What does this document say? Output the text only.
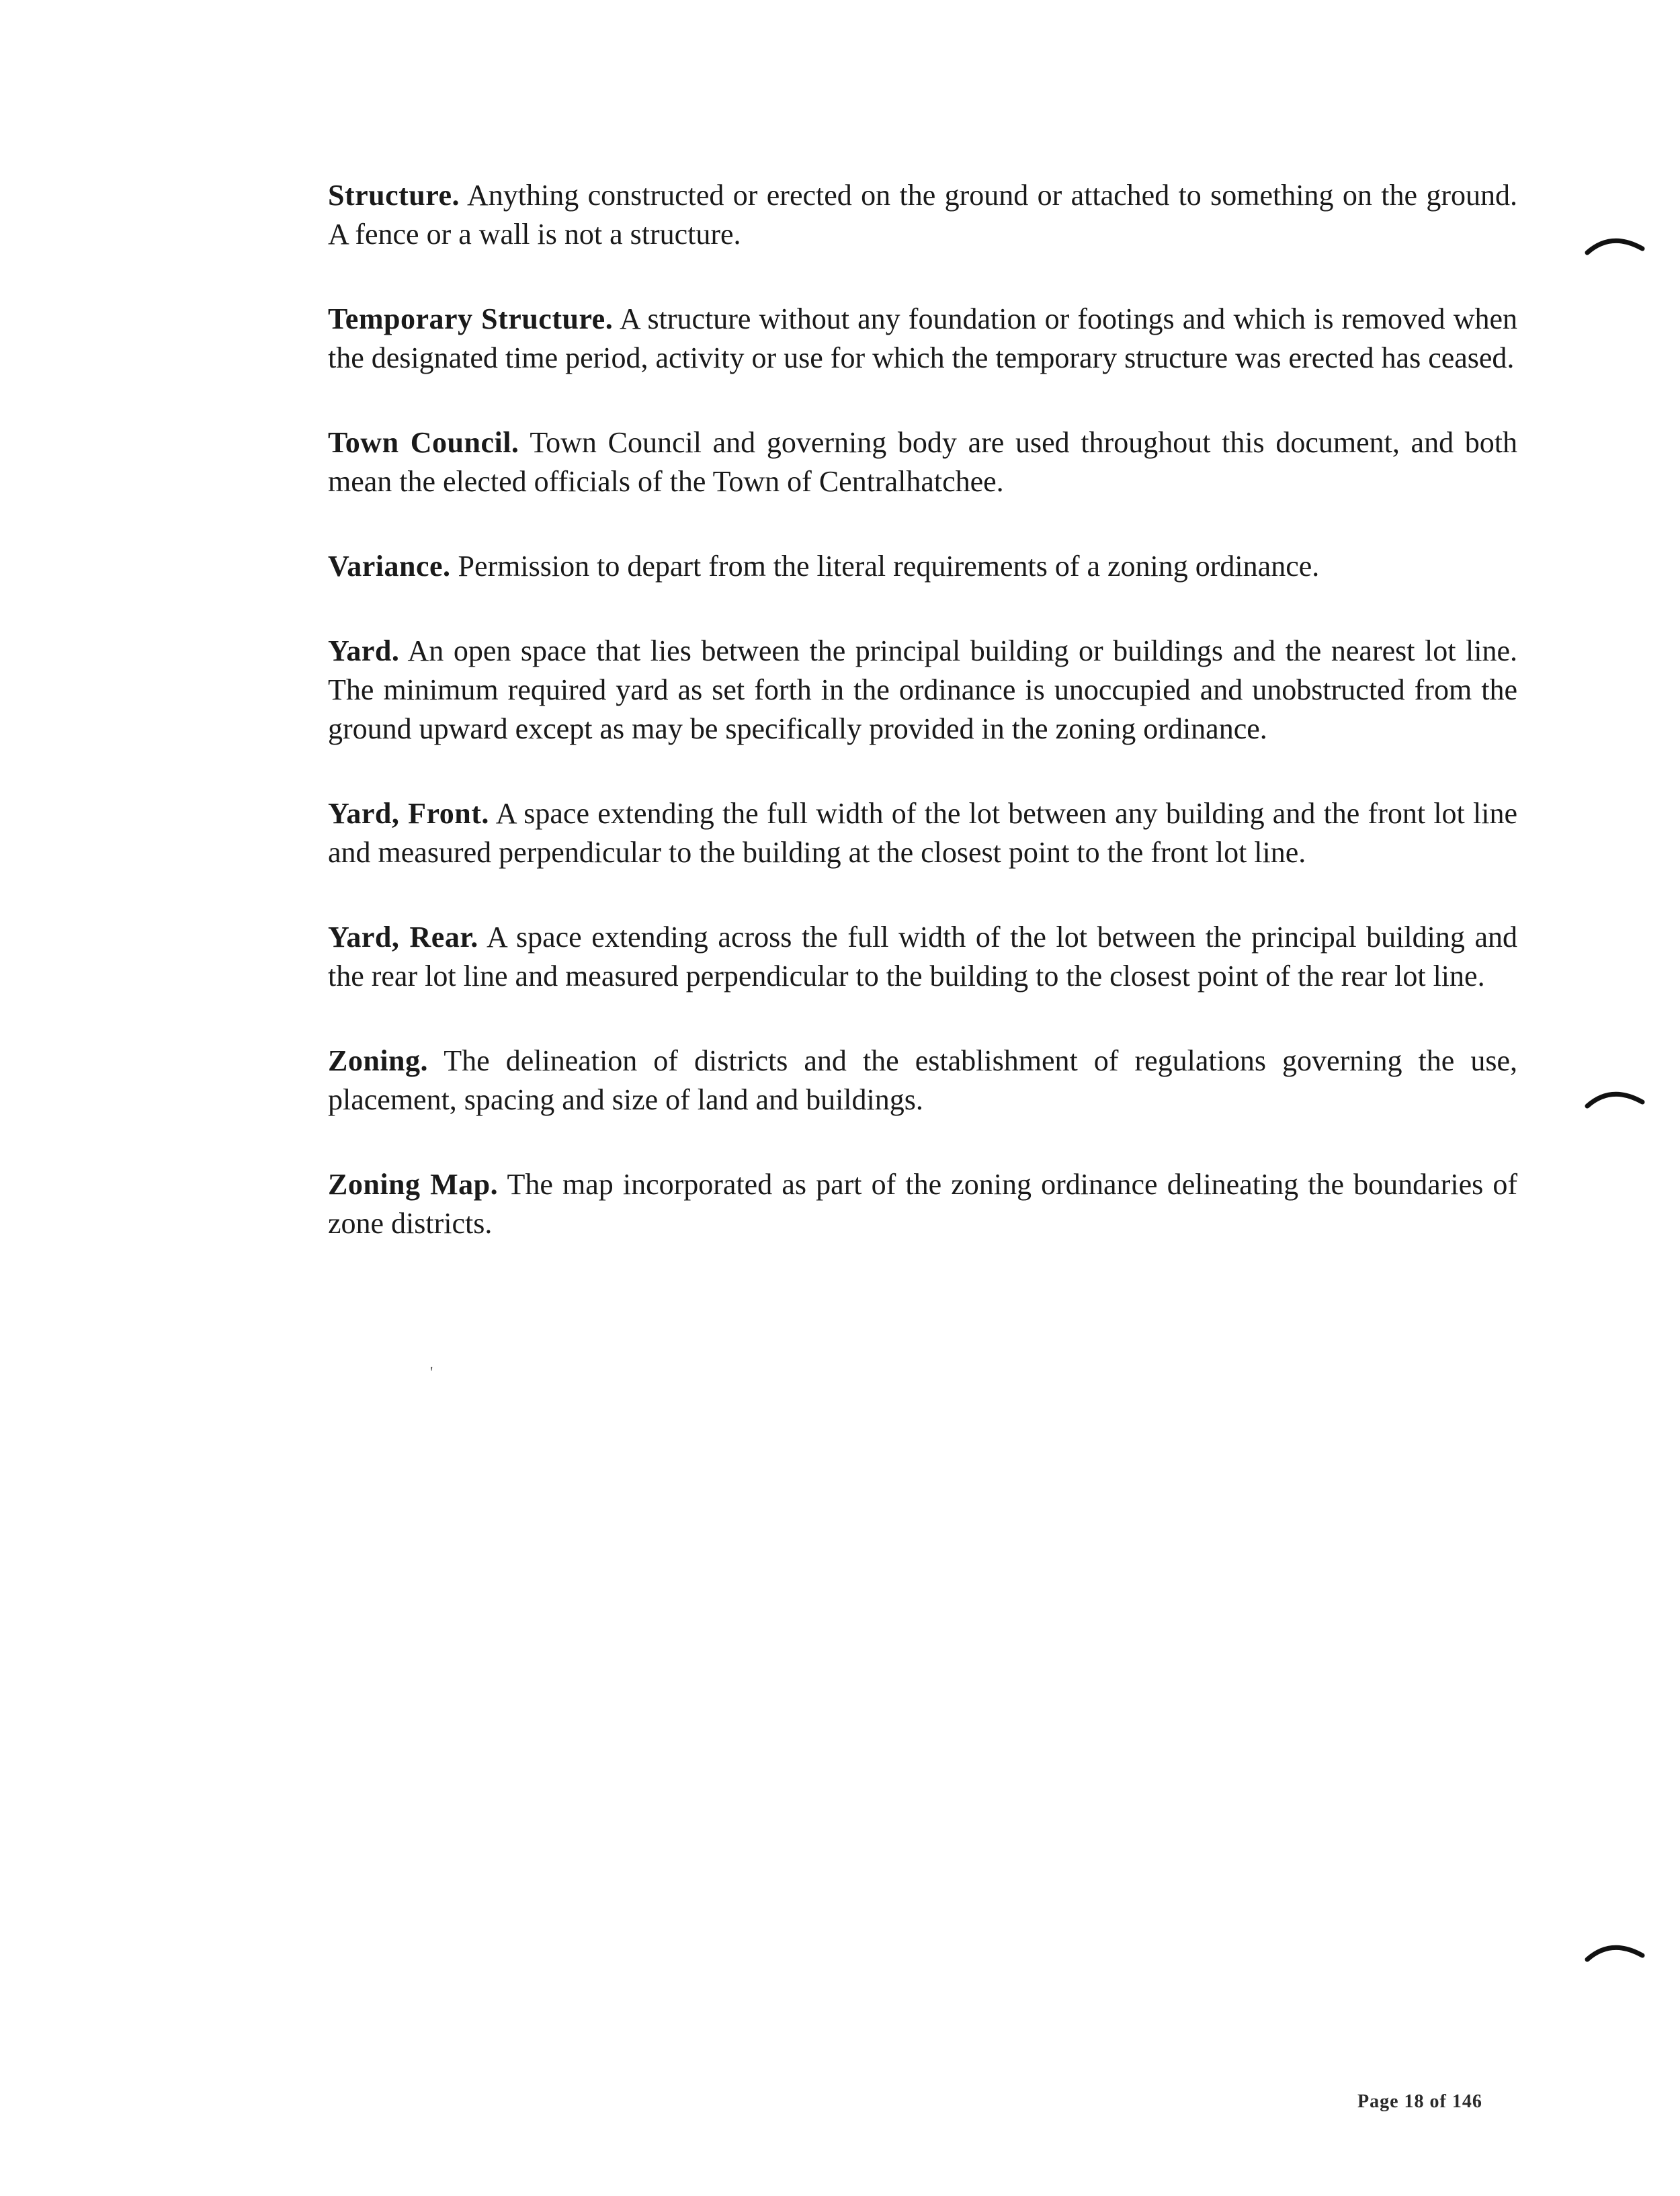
Structure. Anything constructed or erected on the ground or attached to something on the ground. A fence or a wall is not a structure.

Temporary Structure. A structure without any foundation or footings and which is removed when the designated time period, activity or use for which the temporary structure was erected has ceased.

Town Council. Town Council and governing body are used throughout this document, and both mean the elected officials of the Town of Centralhatchee.

Variance. Permission to depart from the literal requirements of a zoning ordinance.

Yard. An open space that lies between the principal building or buildings and the nearest lot line. The minimum required yard as set forth in the ordinance is unoccupied and unobstructed from the ground upward except as may be specifically provided in the zoning ordinance.

Yard, Front. A space extending the full width of the lot between any building and the front lot line and measured perpendicular to the building at the closest point to the front lot line.

Yard, Rear. A space extending across the full width of the lot between the principal building and the rear lot line and measured perpendicular to the building to the closest point of the rear lot line.

Zoning. The delineation of districts and the establishment of regulations governing the use, placement, spacing and size of land and buildings.

Zoning Map. The map incorporated as part of the zoning ordinance delineating the boundaries of zone districts.

'
Page 18 of 146
